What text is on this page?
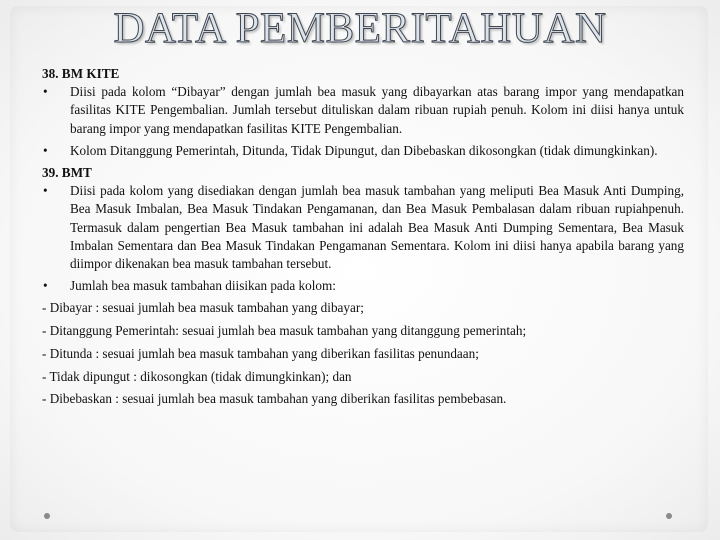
DATA PEMBERITAHUAN

38. BM KITE

• Diisi pada kolom “Dibayar” dengan jumlah bea masuk yang dibayarkan atas barang impor yang mendapatkan fasilitas KITE Pengembalian. Jumlah tersebut dituliskan dalam ribuan rupiah penuh. Kolom ini diisi hanya untuk barang impor yang mendapatkan fasilitas KITE Pengembalian.

• Kolom Ditanggung Pemerintah, Ditunda, Tidak Dipungut, dan Dibebaskan dikosongkan (tidak dimungkinkan).

39. BMT

• Diisi pada kolom yang disediakan dengan jumlah bea masuk tambahan yang meliputi Bea Masuk Anti Dumping, Bea Masuk Imbalan, Bea Masuk Tindakan Pengamanan, dan Bea Masuk Pembalasan dalam ribuan rupiahpenuh. Termasuk dalam pengertian Bea Masuk tambahan ini adalah Bea Masuk Anti Dumping Sementara, Bea Masuk Imbalan Sementara dan Bea Masuk Tindakan Pengamanan Sementara. Kolom ini diisi hanya apabila barang yang diimpor dikenakan bea masuk tambahan tersebut.

• Jumlah bea masuk tambahan diisikan pada kolom:

- Dibayar : sesuai jumlah bea masuk tambahan yang dibayar;

- Ditanggung Pemerintah: sesuai jumlah bea masuk tambahan yang ditanggung pemerintah;

- Ditunda : sesuai jumlah bea masuk tambahan yang diberikan fasilitas penundaan;

- Tidak dipungut : dikosongkan (tidak dimungkinkan); dan

- Dibebaskan : sesuai jumlah bea masuk tambahan yang diberikan fasilitas pembebasan.
